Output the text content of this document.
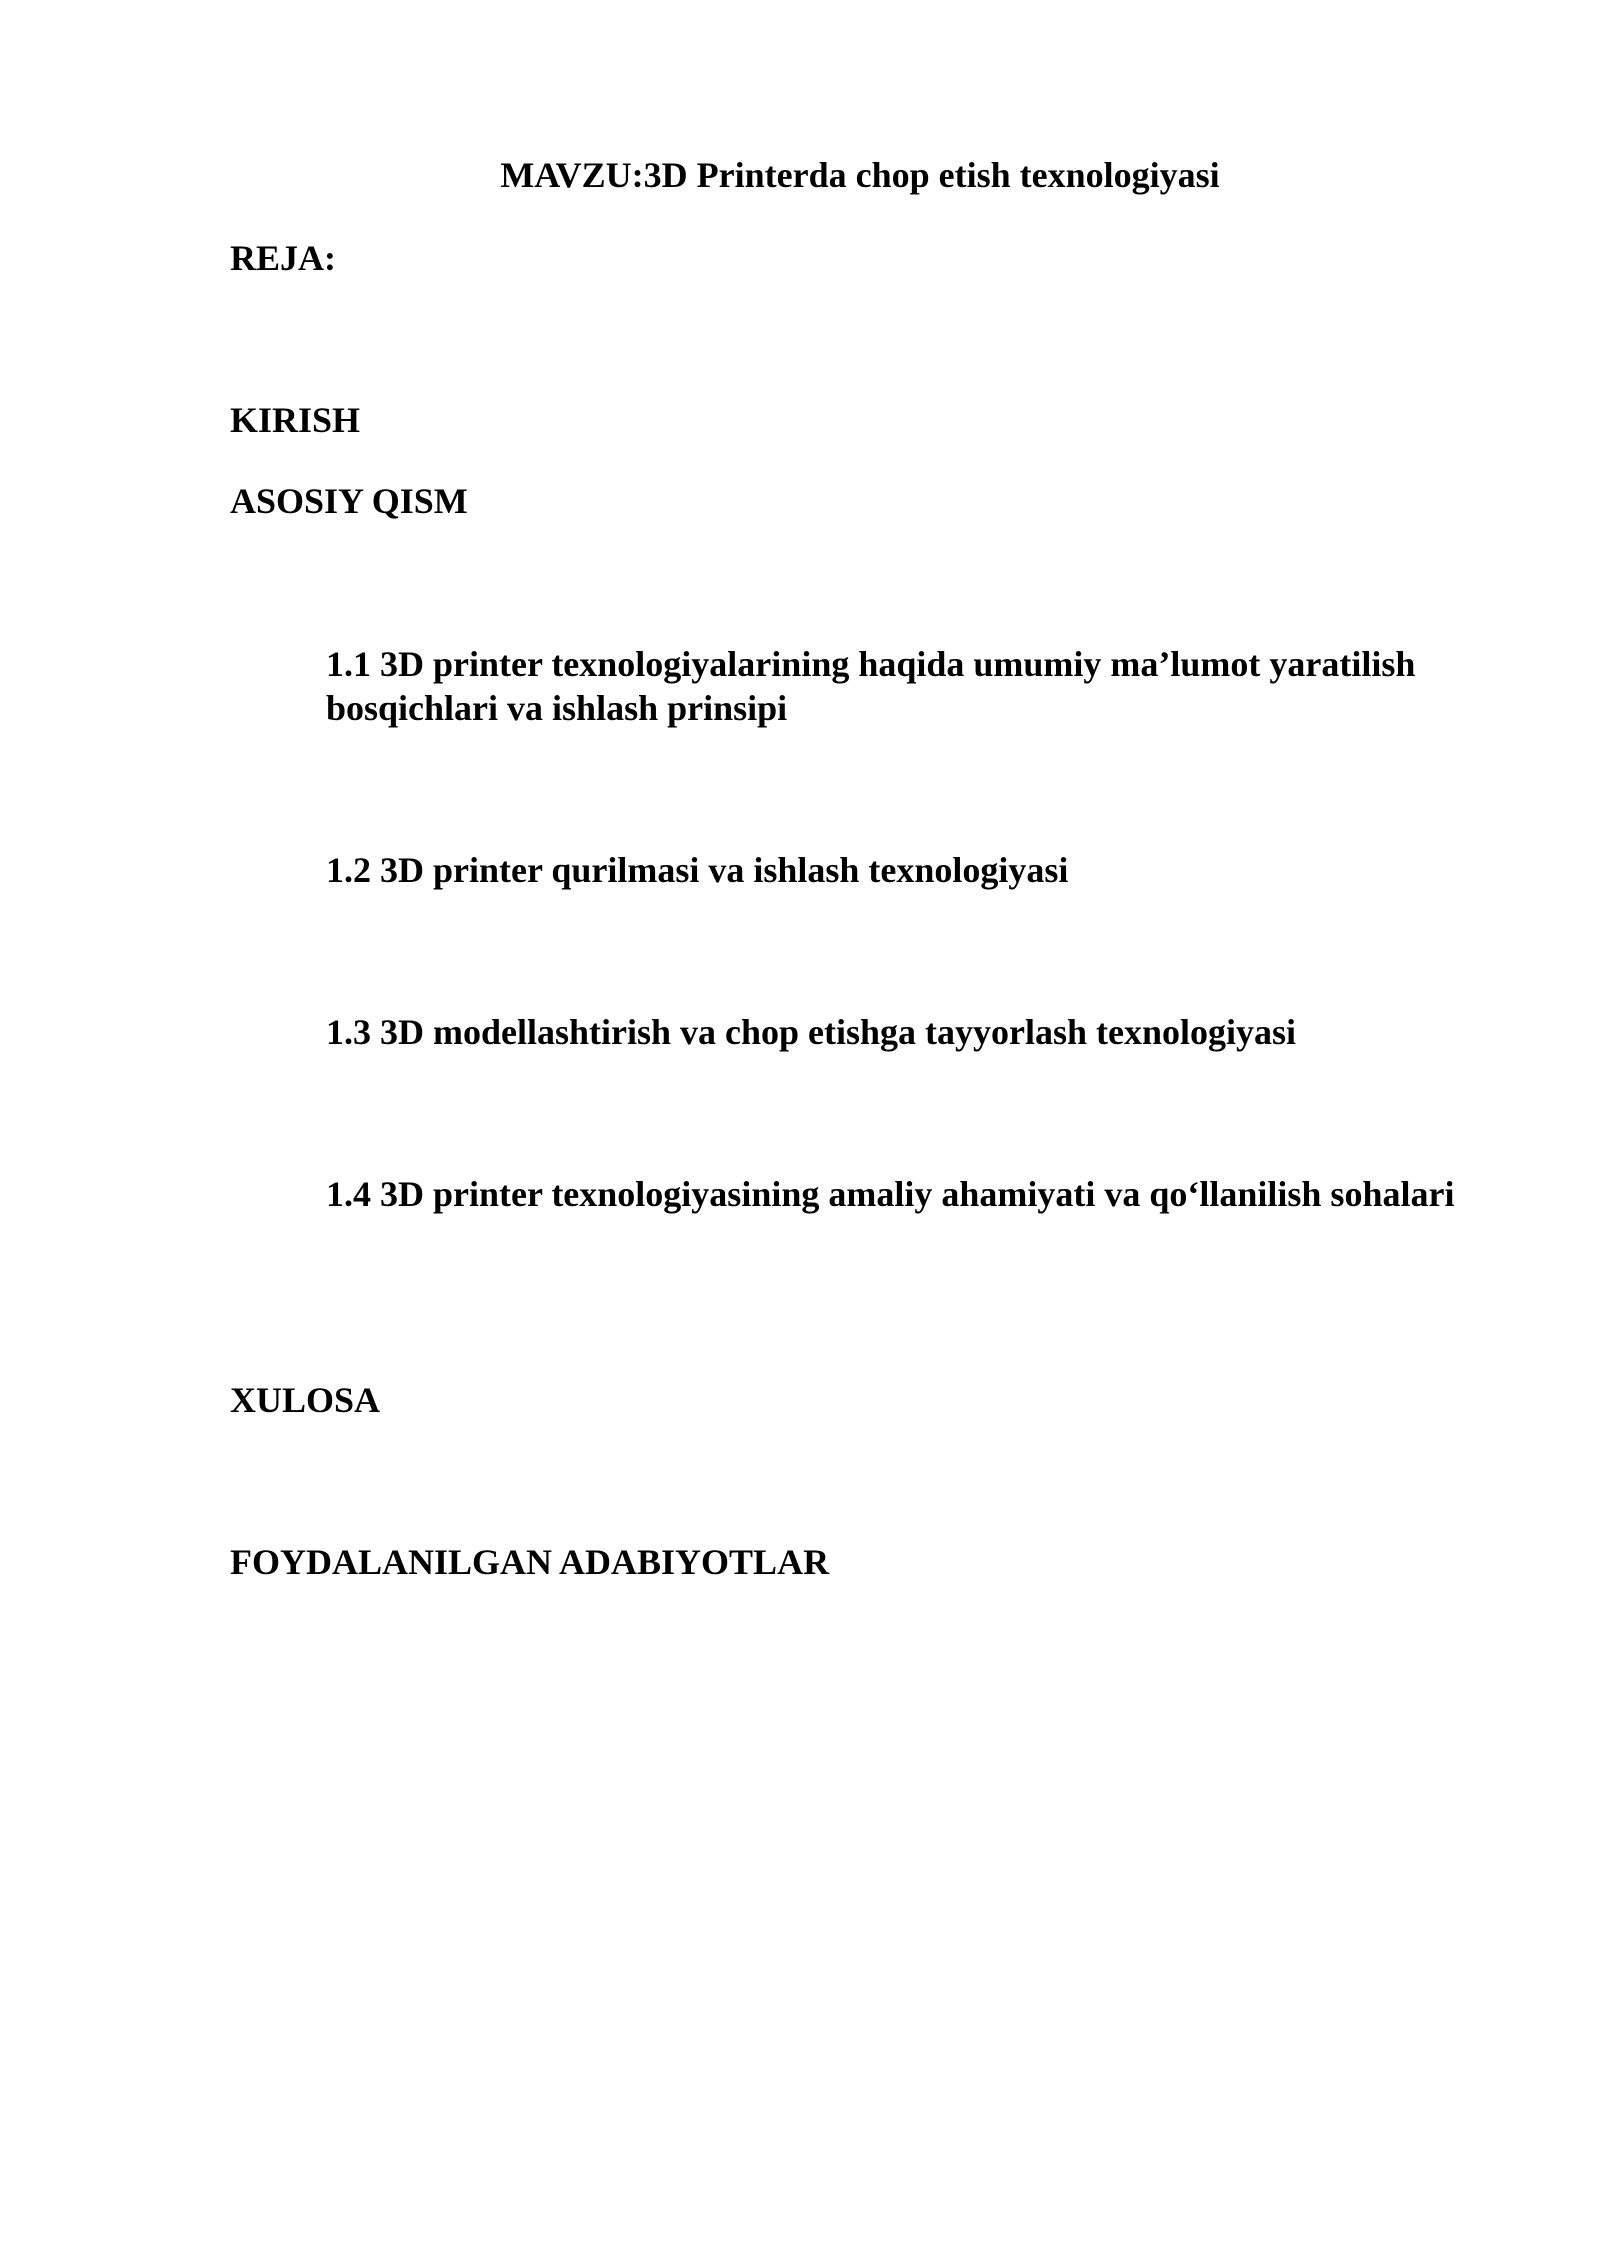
MAVZU:3D Printerda chop etish texnologiyasi

REJA:

KIRISH

ASOSIY QISM

1.1 3D printer texnologiyalarining haqida umumiy ma’lumot yaratilish bosqichlari va ishlash prinsipi

1.2 3D printer qurilmasi va ishlash texnologiyasi

1.3 3D modellashtirish va chop etishga tayyorlash texnologiyasi

1.4 3D printer texnologiyasining amaliy ahamiyati va qo‘llanilish sohalari

XULOSA

FOYDALANILGAN ADABIYOTLAR
